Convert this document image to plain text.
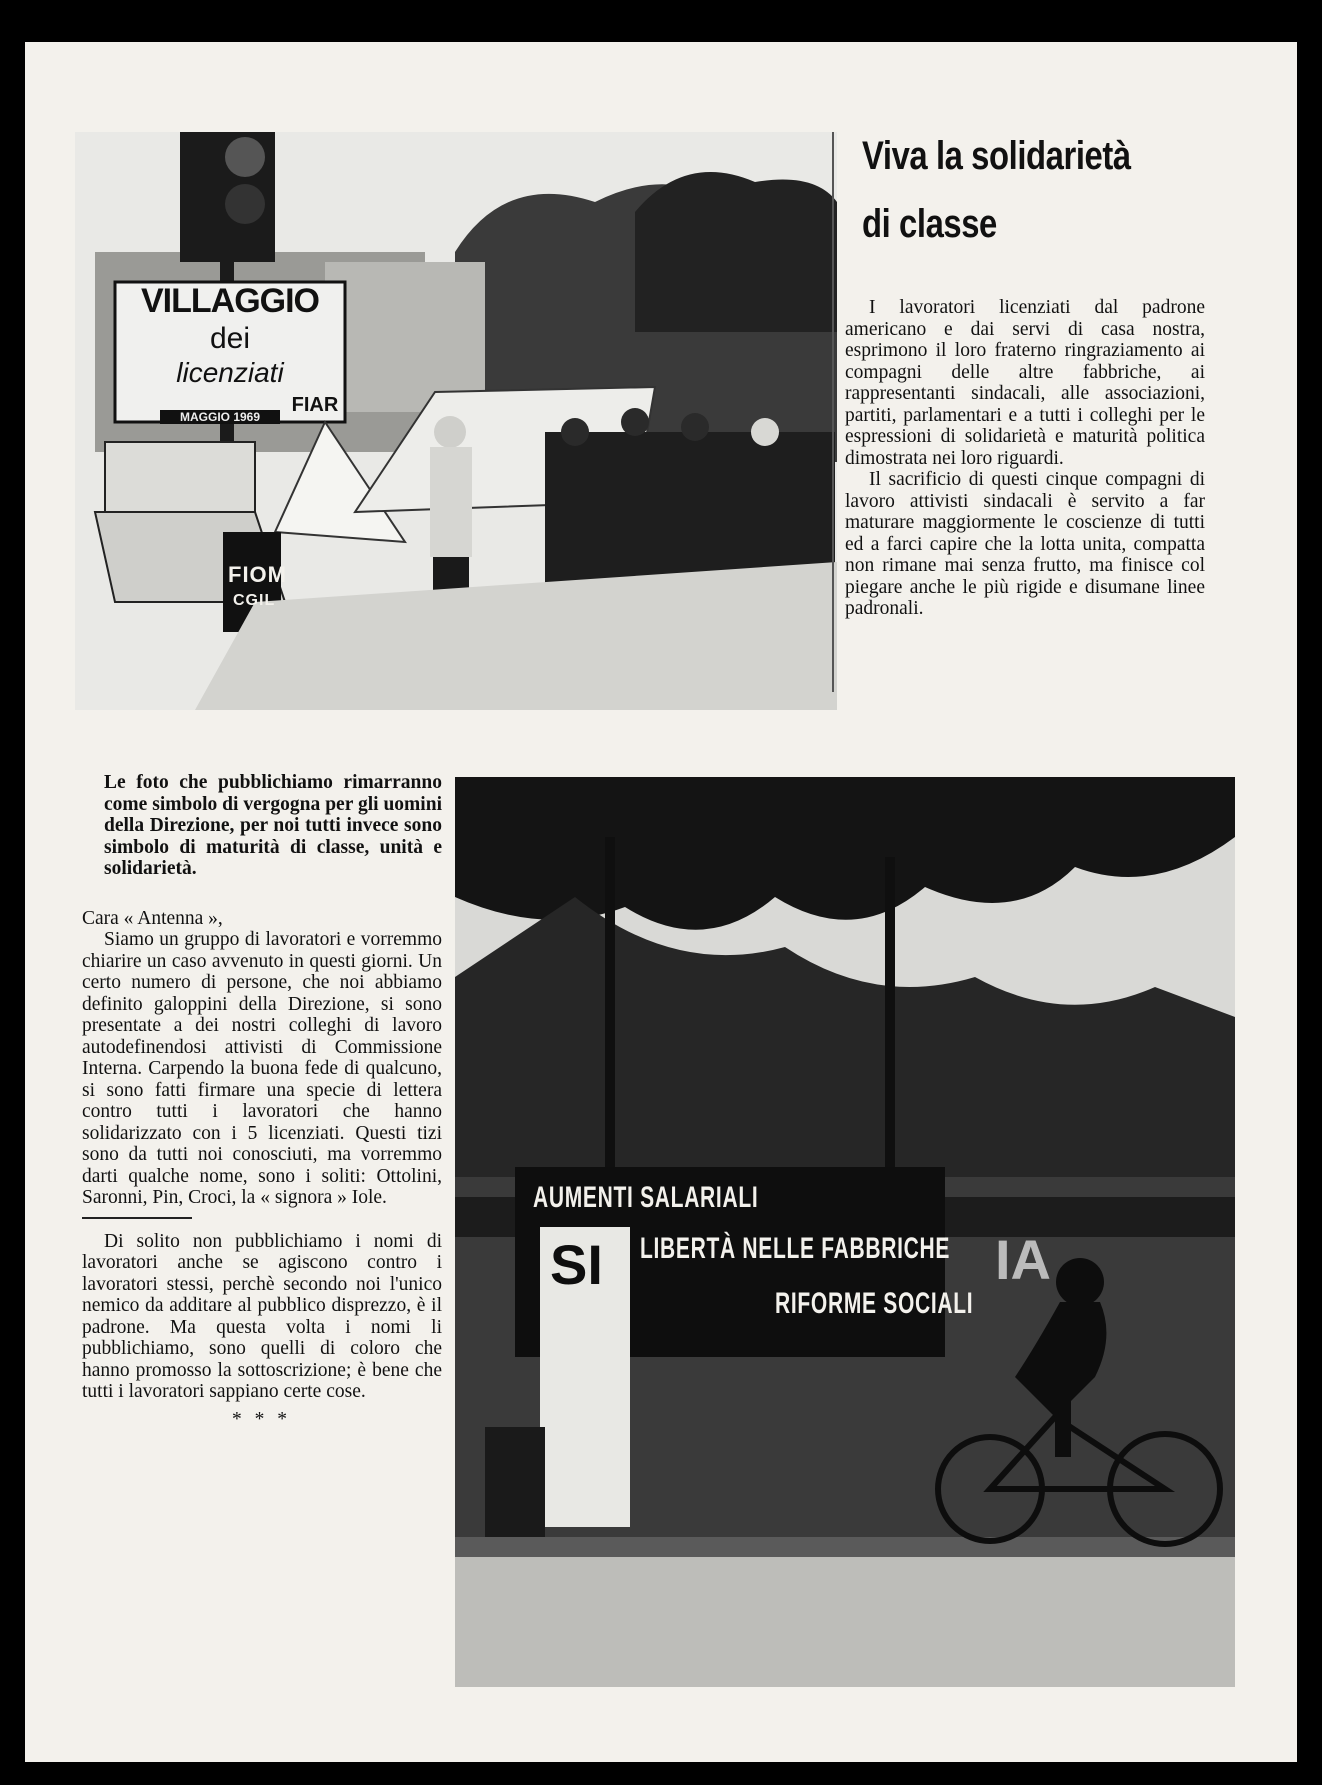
VILLAGGIO
dei
licenziati
MAGGIO 1969
FIAR
FIOM
CGIL
Viva la solidarietà
di classe

I lavoratori licenziati dal padrone americano e dai servi di casa nostra, esprimono il loro fraterno ringraziamento ai compagni delle altre fabbriche, ai rappresentanti sindacali, alle associazioni, partiti, parlamentari e a tutti i colleghi per le espressioni di solidarietà e maturità politica dimostrata nei loro riguardi.

Il sacrificio di questi cinque compagni di lavoro attivisti sindacali è servito a far maturare maggiormente le coscienze di tutti ed a farci capire che la lotta unita, compatta non rimane mai senza frutto, ma finisce col piegare anche le più rigide e disumane linee padronali.

Le foto che pubblichiamo rimarranno come simbolo di vergogna per gli uomini della Direzione, per noi tutti invece sono simbolo di maturità di classe, unità e solidarietà.

Cara « Antenna »,

Siamo un gruppo di lavoratori e vorremmo chiarire un caso avvenuto in questi giorni. Un certo numero di persone, che noi abbiamo definito galoppini della Direzione, si sono presentate a dei nostri colleghi di lavoro autodefinendosi attivisti di Commissione Interna. Carpendo la buona fede di qualcuno, si sono fatti firmare una specie di lettera contro tutti i lavoratori che hanno solidarizzato con i 5 licenziati. Questi tizi sono da tutti noi conosciuti, ma vorremmo darti qualche nome, sono i soliti: Ottolini, Saronni, Pin, Croci, la « signora » Iole.

Di solito non pubblichiamo i nomi di lavoratori anche se agiscono contro i lavoratori stessi, perchè secondo noi l'unico nemico da additare al pubblico disprezzo, è il padrone. Ma questa volta i nomi li pubblichiamo, sono quelli di coloro che hanno promosso la sottoscrizione; è bene che tutti i lavoratori sappiano certe cose.

* * *
AUMENTI SALARIALI
LIBERTÀ NELLE FABBRICHE
RIFORME SOCIALI
SI	IA
